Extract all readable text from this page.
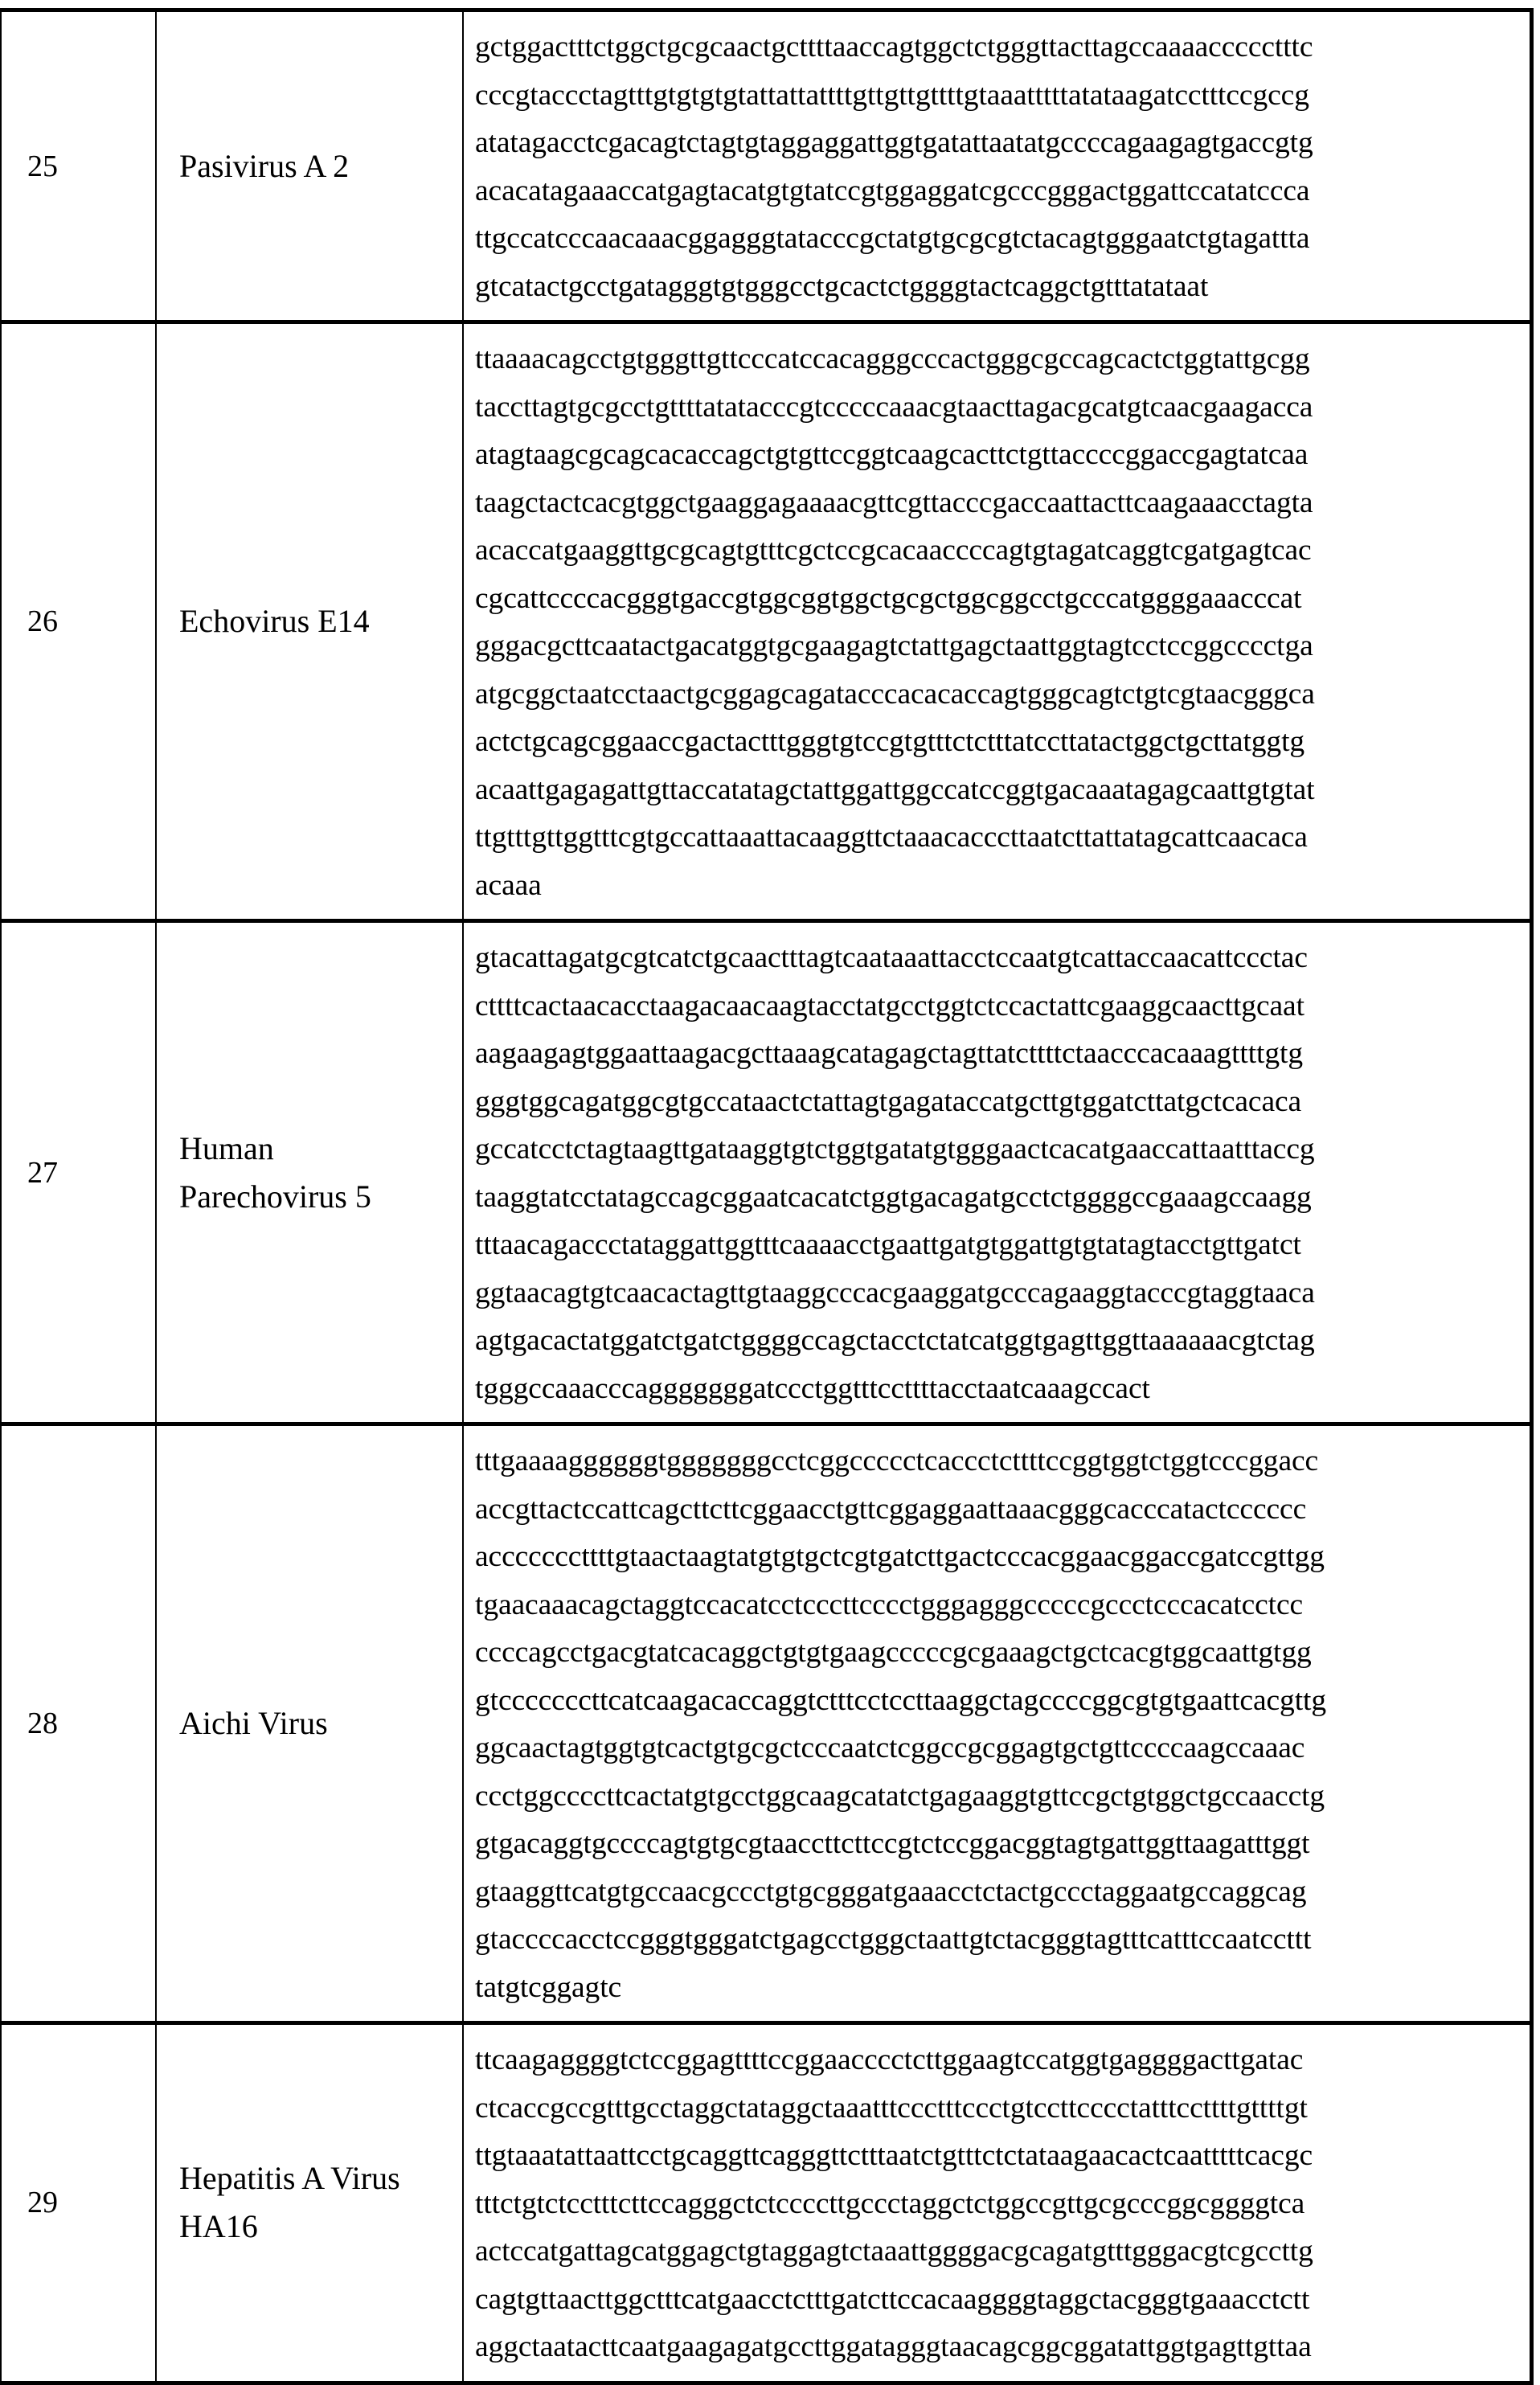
25	Pasivirus A 2

gctggactttctggctgcgcaactgcttttaaccagtggctctgggttacttagccaaaaccccctttc
cccgtaccctagtttgtgtgtgtattattattttgttgttgttttgtaaatttttatataagatcctttccgccg
atatagacctcgacagtctagtgtaggaggattggtgatattaatatgccccagaagagtgaccgtg
acacatagaaaccatgagtacatgtgtatccgtggaggatcgcccgggactggattccatatccca
ttgccatcccaacaaacggagggtatacccgctatgtgcgcgtctacagtgggaatctgtagattta
gtcatactgcctgatagggtgtgggcctgcactctggggtactcaggctgtttatataat

26	Echovirus E14

ttaaaacagcctgtgggttgttcccatccacagggcccactgggcgccagcactctggtattgcgg
taccttagtgcgcctgttttatatacccgtcccccaaacgtaacttagacgcatgtcaacgaagacca
atagtaagcgcagcacaccagctgtgttccggtcaagcacttctgttaccccggaccgagtatcaa
taagctactcacgtggctgaaggagaaaacgttcgttacccgaccaattacttcaagaaacctagta
acaccatgaaggttgcgcagtgtttcgctccgcacaaccccagtgtagatcaggtcgatgagtcac
cgcattccccacgggtgaccgtggcggtggctgcgctggcggcctgcccatggggaaacccat
gggacgcttcaatactgacatggtgcgaagagtctattgagctaattggtagtcctccggcccctga
atgcggctaatcctaactgcggagcagatacccacacaccagtgggcagtctgtcgtaacgggca
actctgcagcggaaccgactactttgggtgtccgtgtttctctttatccttatactggctgcttatggtg
acaattgagagattgttaccatatagctattggattggccatccggtgacaaatagagcaattgtgtat
ttgtttgttggtttcgtgccattaaattacaaggttctaaacacccttaatcttattatagcattcaacaca
acaaa

27	
Human
Parechovirus 5

gtacattagatgcgtcatctgcaactttagtcaataaattacctccaatgtcattaccaacattccctac
cttttcactaacacctaagacaacaagtacctatgcctggtctccactattcgaaggcaacttgcaat
aagaagagtggaattaagacgcttaaagcatagagctagttatcttttctaacccacaaagttttgtg
gggtggcagatggcgtgccataactctattagtgagataccatgcttgtggatcttatgctcacaca
gccatcctctagtaagttgataaggtgtctggtgatatgtgggaactcacatgaaccattaatttaccg
taaggtatcctatagccagcggaatcacatctggtgacagatgcctctggggccgaaagccaagg
tttaacagaccctataggattggtttcaaaacctgaattgatgtggattgtgtatagtacctgttgatct
ggtaacagtgtcaacactagttgtaaggcccacgaaggatgcccagaaggtacccgtaggtaaca
agtgacactatggatctgatctggggccagctacctctatcatggtgagttggttaaaaaacgtctag
tgggccaaacccagggggggatccctggtttccttttacctaatcaaagccact

28	Aichi Virus

tttgaaaaggggggtgggggggcctcggccccctcaccctcttttccggtggtctggtcccggacc
accgttactccattcagcttcttcggaacctgttcggaggaattaaacgggcacccatactcccccc
acccccccttttgtaactaagtatgtgtgctcgtgatcttgactcccacggaacggaccgatccgttgg
tgaacaaacagctaggtccacatcctcccttcccctgggagggcccccgccctcccacatcctcc
ccccagcctgacgtatcacaggctgtgtgaagcccccgcgaaagctgctcacgtggcaattgtgg
gtcccccccttcatcaagacaccaggtctttcctccttaaggctagccccggcgtgtgaattcacgttg
ggcaactagtggtgtcactgtgcgctcccaatctcggccgcggagtgctgttccccaagccaaac
ccctggccccttcactatgtgcctggcaagcatatctgagaaggtgttccgctgtggctgccaacctg
gtgacaggtgccccagtgtgcgtaaccttcttccgtctccggacggtagtgattggttaagatttggt
gtaaggttcatgtgccaacgccctgtgcgggatgaaacctctactgccctaggaatgccaggcag
gtaccccacctccgggtgggatctgagcctgggctaattgtctacgggtagtttcatttccaatccttt
tatgtcggagtc

29	
Hepatitis A Virus
HA16

ttcaagaggggtctccggagttttccggaacccctcttggaagtccatggtgaggggacttgatac
ctcaccgccgtttgcctaggctataggctaaatttccctttccctgtccttcccctatttccttttgttttgt
ttgtaaatattaattcctgcaggttcagggttctttaatctgtttctctataagaacactcaatttttcacgc
tttctgtctcctttcttccagggctctccccttgccctaggctctggccgttgcgcccggcggggtca
actccatgattagcatggagctgtaggagtctaaattggggacgcagatgtttgggacgtcgccttg
cagtgttaacttggctttcatgaacctctttgatcttccacaaggggtaggctacgggtgaaacctctt
aggctaatacttcaatgaagagatgccttggatagggtaacagcggcggatattggtgagttgttaa
